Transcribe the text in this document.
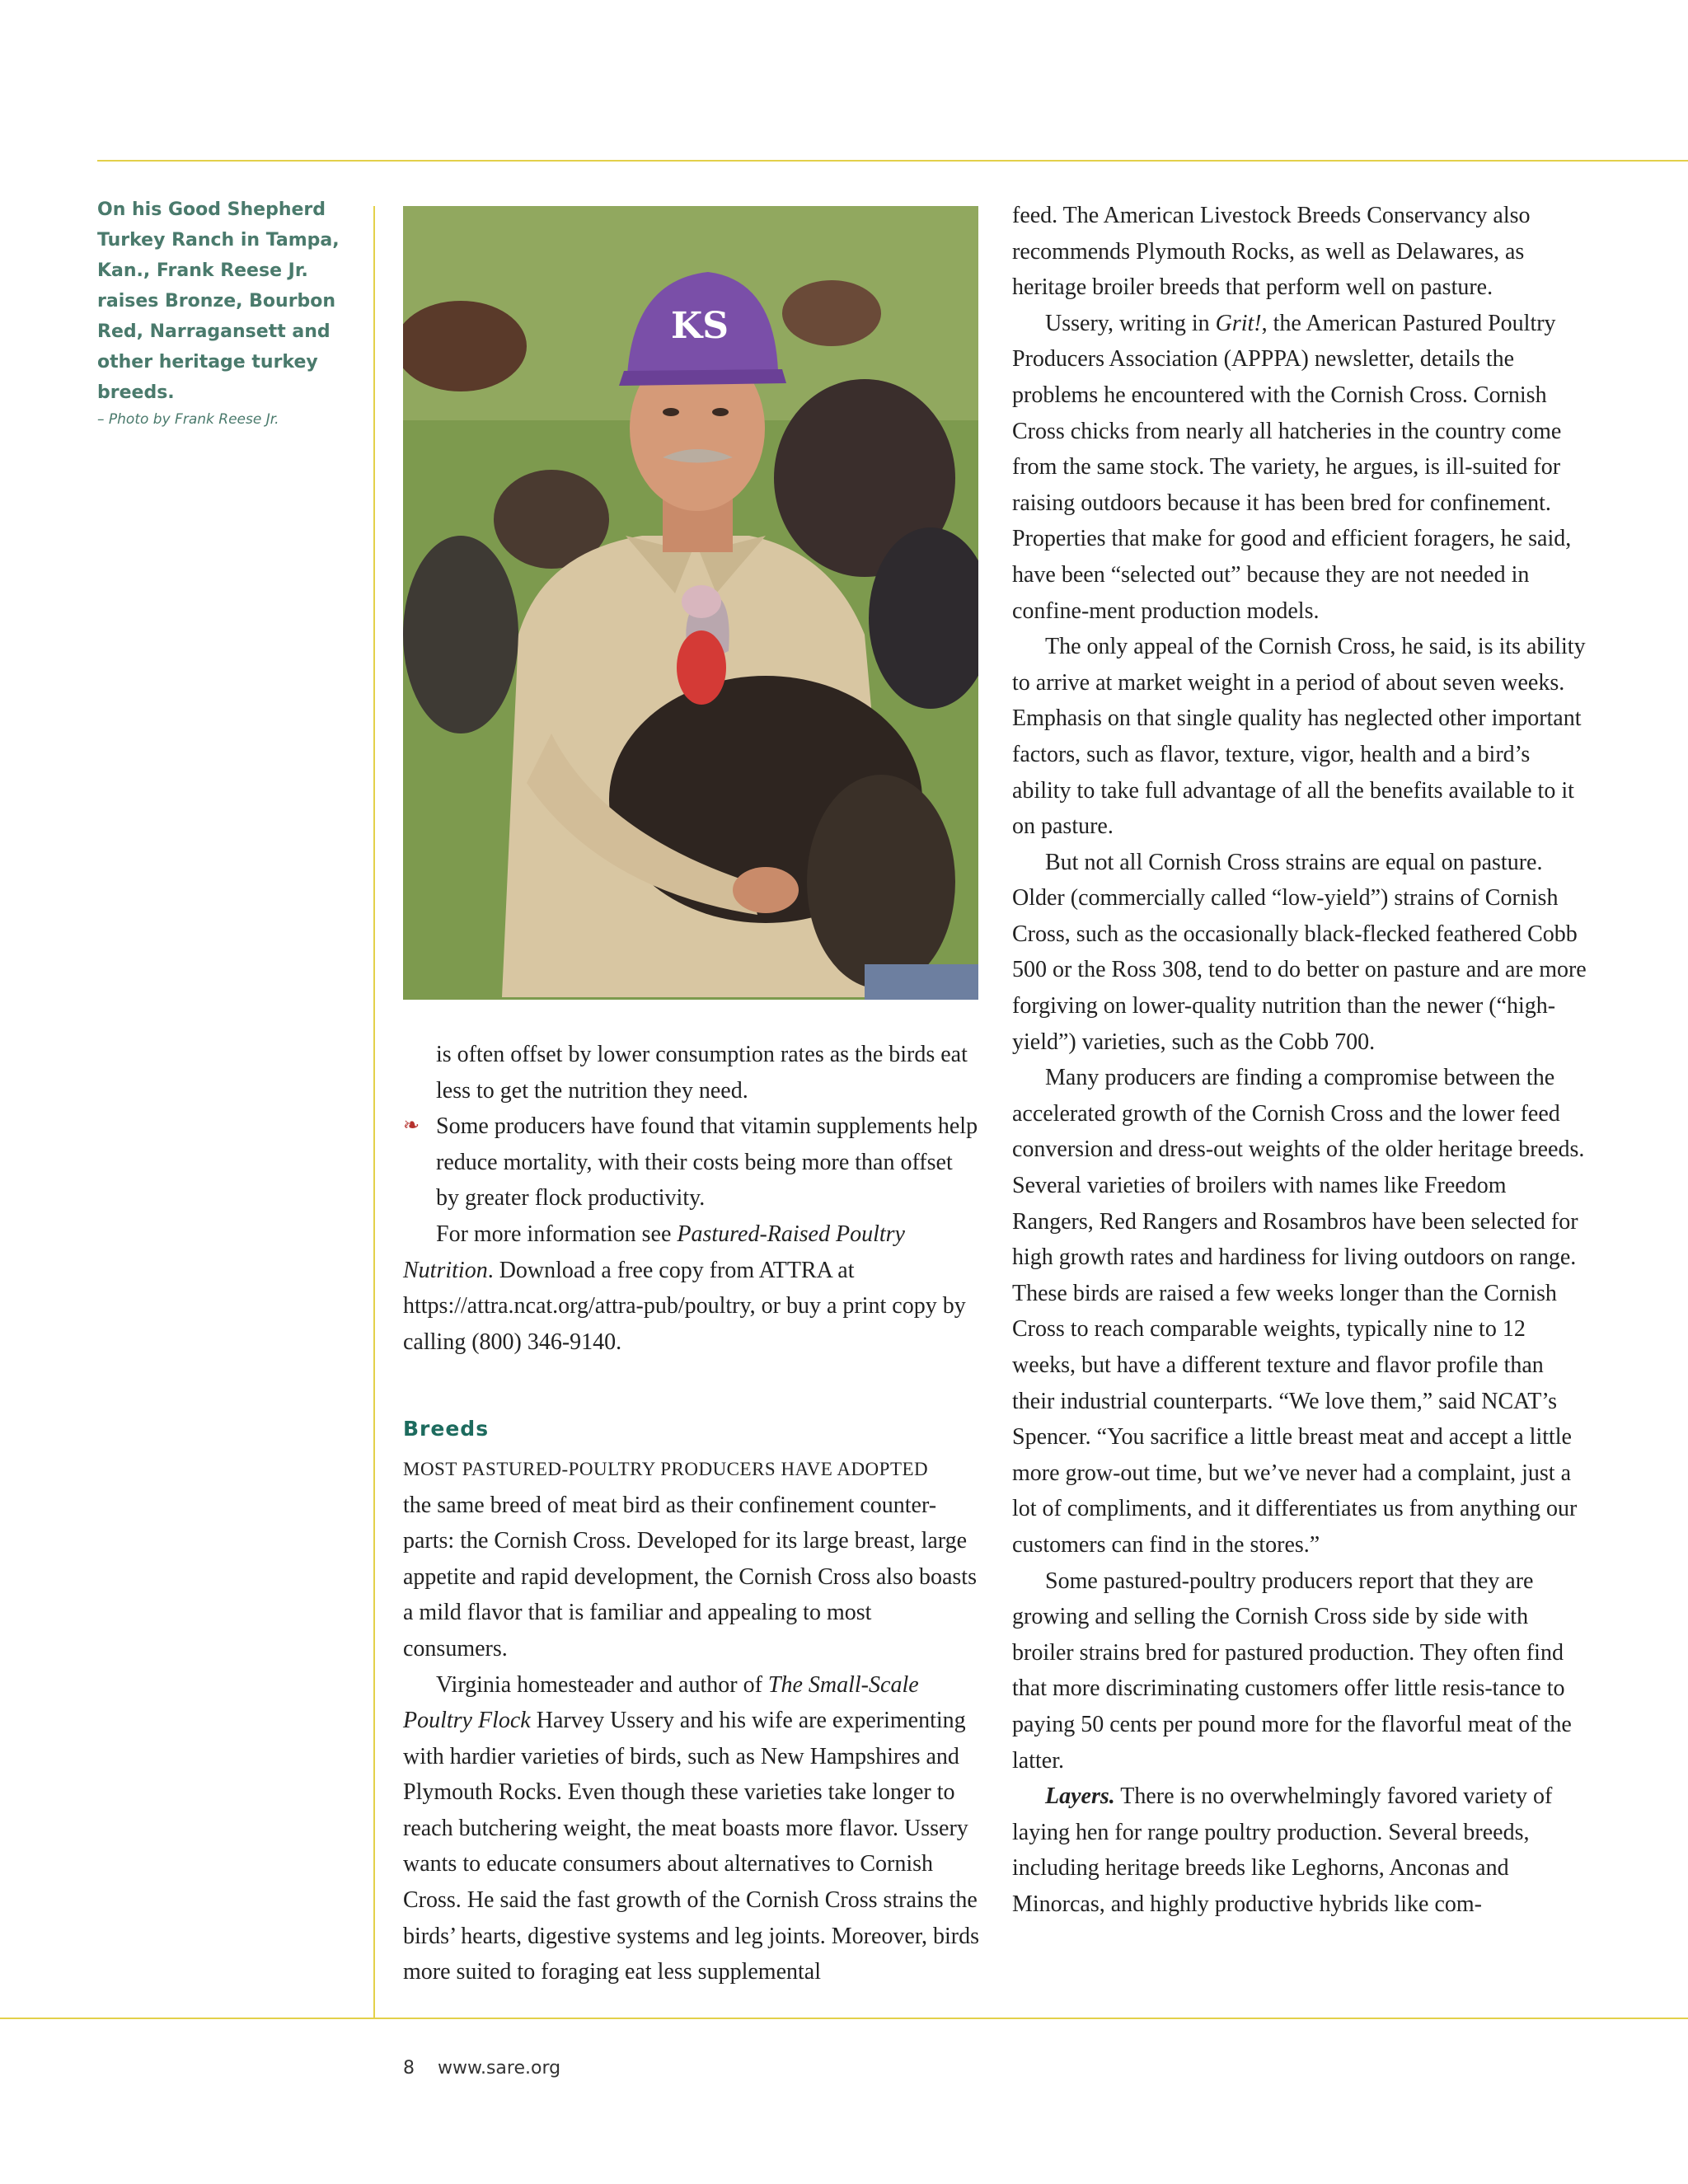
On his Good Shepherd Turkey Ranch in Tampa, Kan., Frank Reese Jr. raises Bronze, Bourbon Red, Narragansett and other heritage turkey breeds.
– Photo by Frank Reese Jr.
KS

is often offset by lower consumption rates as the birds eat less to get the nutrition they need.

❧ Some producers have found that vitamin supplements help reduce mortality, with their costs being more than offset by greater flock productivity.

For more information see Pastured-Raised Poultry Nutrition. Download a free copy from ATTRA at https://attra.ncat.org/attra-pub/poultry, or buy a print copy by calling (800) 346-9140.

Breeds

MOST PASTURED-POULTRY PRODUCERS HAVE ADOPTED
the same breed of meat bird as their confinement counter-parts: the Cornish Cross. Developed for its large breast, large appetite and rapid development, the Cornish Cross also boasts a mild flavor that is familiar and appealing to most consumers.

Virginia homesteader and author of The Small-Scale Poultry Flock Harvey Ussery and his wife are experimenting with hardier varieties of birds, such as New Hampshires and Plymouth Rocks. Even though these varieties take longer to reach butchering weight, the meat boasts more flavor. Ussery wants to educate consumers about alternatives to Cornish Cross. He said the fast growth of the Cornish Cross strains the birds’ hearts, digestive systems and leg joints. Moreover, birds more suited to foraging eat less supplemental

feed. The American Livestock Breeds Conservancy also recommends Plymouth Rocks, as well as Delawares, as heritage broiler breeds that perform well on pasture.

Ussery, writing in Grit!, the American Pastured Poultry Producers Association (APPPA) newsletter, details the problems he encountered with the Cornish Cross. Cornish Cross chicks from nearly all hatcheries in the country come from the same stock. The variety, he argues, is ill-suited for raising outdoors because it has been bred for confinement. Properties that make for good and efficient foragers, he said, have been “selected out” because they are not needed in confine-ment production models.

The only appeal of the Cornish Cross, he said, is its ability to arrive at market weight in a period of about seven weeks. Emphasis on that single quality has neglected other important factors, such as flavor, texture, vigor, health and a bird’s ability to take full advantage of all the benefits available to it on pasture.

But not all Cornish Cross strains are equal on pasture. Older (commercially called “low-yield”) strains of Cornish Cross, such as the occasionally black-flecked feathered Cobb 500 or the Ross 308, tend to do better on pasture and are more forgiving on lower-quality nutrition than the newer (“high-yield”) varieties, such as the Cobb 700.

Many producers are finding a compromise between the accelerated growth of the Cornish Cross and the lower feed conversion and dress-out weights of the older heritage breeds. Several varieties of broilers with names like Freedom Rangers, Red Rangers and Rosambros have been selected for high growth rates and hardiness for living outdoors on range. These birds are raised a few weeks longer than the Cornish Cross to reach comparable weights, typically nine to 12 weeks, but have a different texture and flavor profile than their industrial counterparts. “We love them,” said NCAT’s Spencer. “You sacrifice a little breast meat and accept a little more grow-out time, but we’ve never had a complaint, just a lot of compliments, and it differentiates us from anything our customers can find in the stores.”

Some pastured-poultry producers report that they are growing and selling the Cornish Cross side by side with broiler strains bred for pastured production. They often find that more discriminating customers offer little resis-tance to paying 50 cents per pound more for the flavorful meat of the latter.

Layers. There is no overwhelmingly favored variety of laying hen for range poultry production. Several breeds, including heritage breeds like Leghorns, Anconas and Minorcas, and highly productive hybrids like com-

8 www.sare.org
